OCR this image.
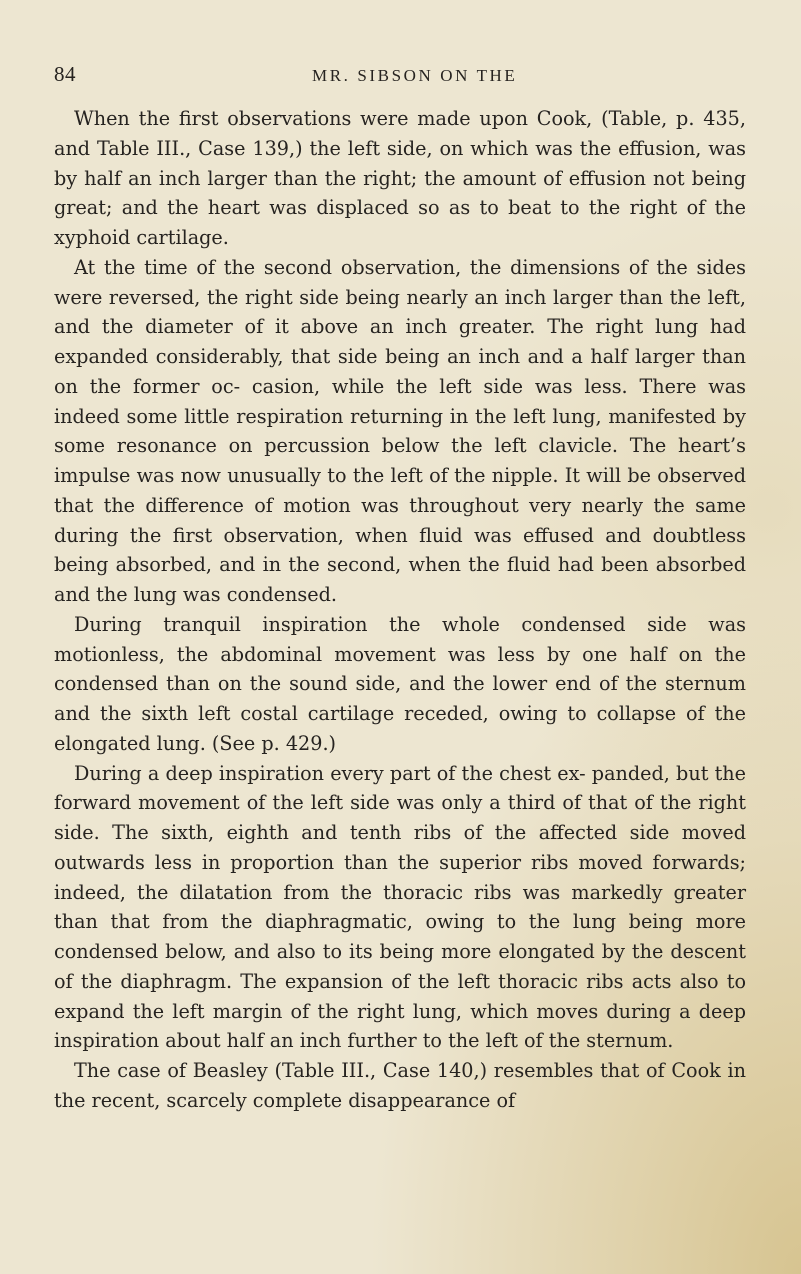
84	MR. SIBSON ON THE

When the first observations were made upon Cook, (Table, p. 435, and Table III., Case 139,) the left side, on which was the effusion, was by half an inch larger than the right; the amount of effusion not being great; and the heart was displaced so as to beat to the right of the xyphoid cartilage.

At the time of the second observation, the dimensions of the sides were reversed, the right side being nearly an inch larger than the left, and the diameter of it above an inch greater. The right lung had expanded considerably, that side being an inch and a half larger than on the former oc- casion, while the left side was less. There was indeed some little respiration returning in the left lung, manifested by some resonance on percussion below the left clavicle. The heart’s impulse was now unusually to the left of the nipple. It will be observed that the difference of motion was throughout very nearly the same during the first observation, when fluid was effused and doubtless being absorbed, and in the second, when the fluid had been absorbed and the lung was condensed.

During tranquil inspiration the whole condensed side was motionless, the abdominal movement was less by one half on the condensed than on the sound side, and the lower end of the sternum and the sixth left costal cartilage receded, owing to collapse of the elongated lung. (See p. 429.)

During a deep inspiration every part of the chest ex- panded, but the forward movement of the left side was only a third of that of the right side. The sixth, eighth and tenth ribs of the affected side moved outwards less in proportion than the superior ribs moved forwards; indeed, the dilatation from the thoracic ribs was markedly greater than that from the diaphragmatic, owing to the lung being more condensed below, and also to its being more elongated by the descent of the diaphragm. The expansion of the left thoracic ribs acts also to expand the left margin of the right lung, which moves during a deep inspiration about half an inch further to the left of the sternum.

The case of Beasley (Table III., Case 140,) resembles that of Cook in the recent, scarcely complete disappearance of
